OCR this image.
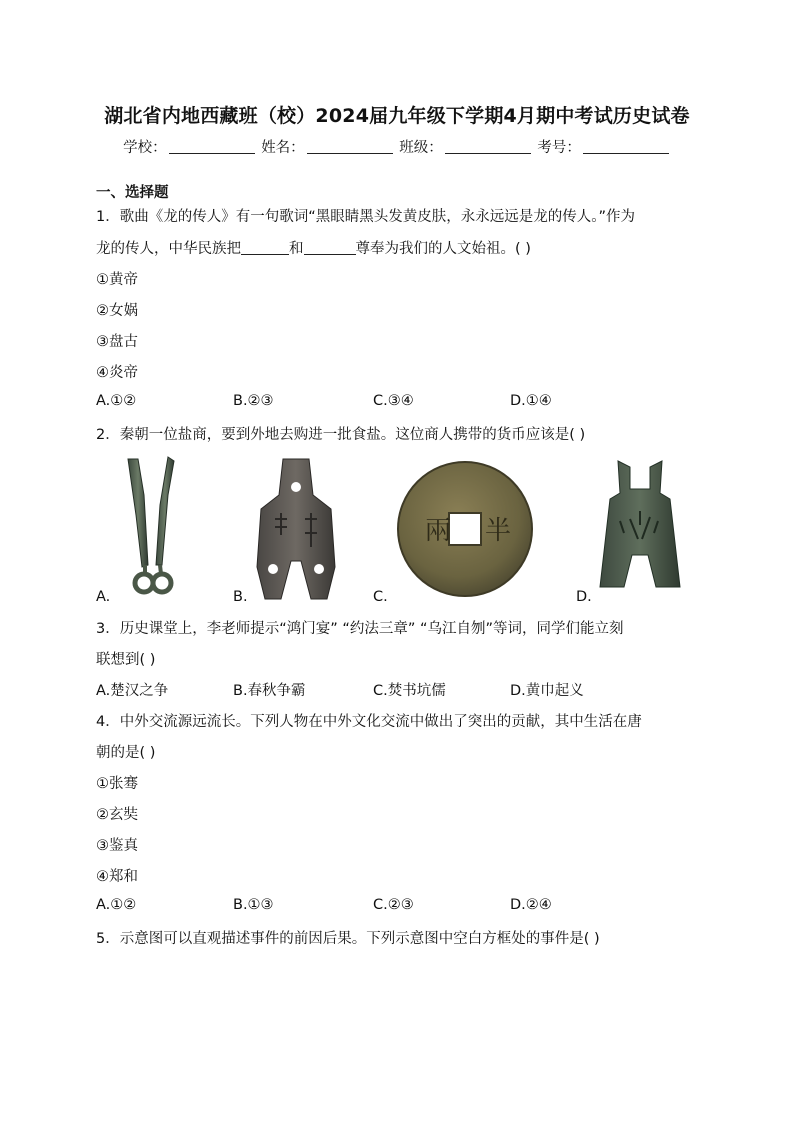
湖北省内地西藏班（校）2024届九年级下学期4月期中考试历史试卷
学校：	姓名：	班级：	考号：
一、选择题
1．歌曲《龙的传人》有一句歌词“黑眼睛黑头发黄皮肤，永永远远是龙的传人。”作为
龙的传人，中华民族把	和	尊奉为我们的人文始祖。( )
①黄帝
②女娲
③盘古
④炎帝
A.①②	B.②③	C.③④	D.①④
2．秦朝一位盐商，要到外地去购进一批食盐。这位商人携带的货币应该是( )
A.	B.
兩 半
C.	D.
3．历史课堂上，李老师提示“鸿门宴” “约法三章” “乌江自刎”等词，同学们能立刻
联想到( )
A.楚汉之争	B.春秋争霸	C.焚书坑儒	D.黄巾起义
4．中外交流源远流长。下列人物在中外文化交流中做出了突出的贡献，其中生活在唐
朝的是( )
①张骞
②玄奘
③鉴真
④郑和
A.①②	B.①③	C.②③	D.②④
5．示意图可以直观描述事件的前因后果。下列示意图中空白方框处的事件是( )
